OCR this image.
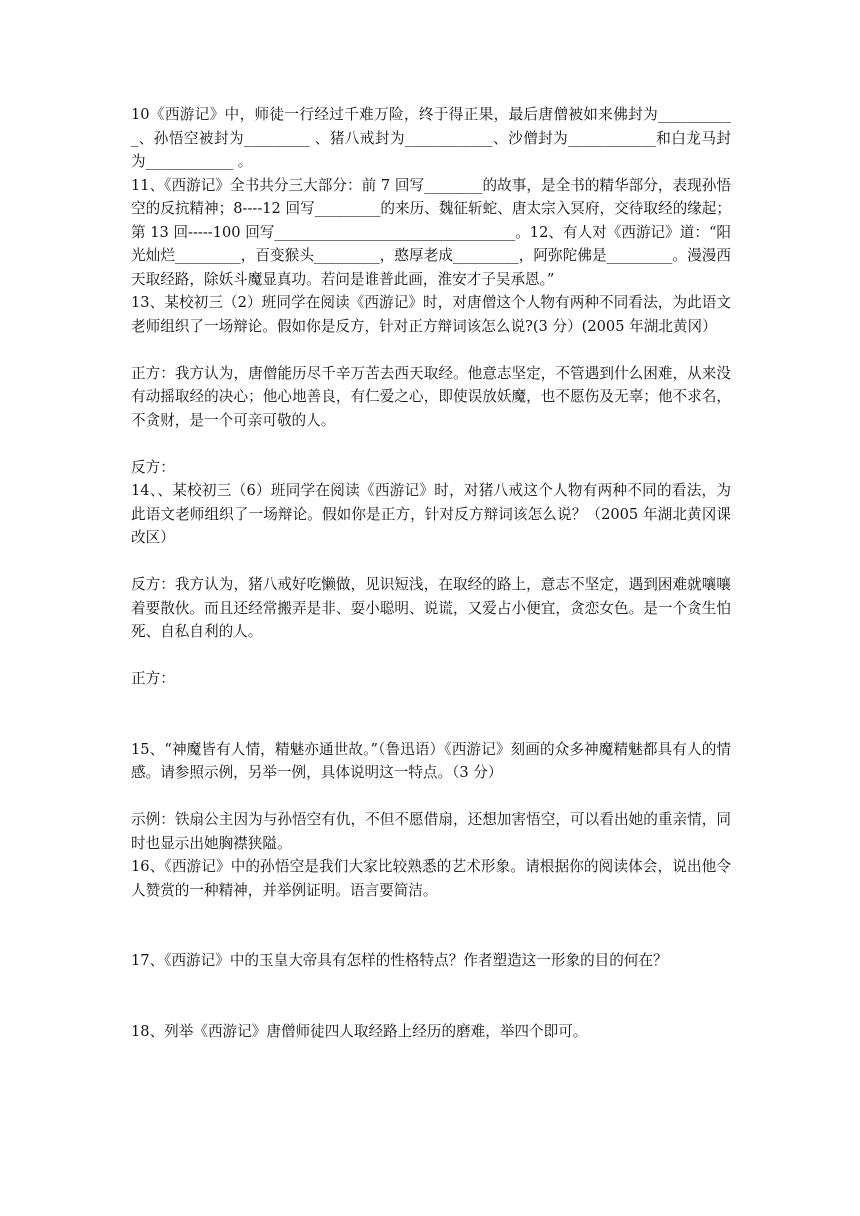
10《西游记》中，师徒一行经过千难万险，终于得正果，最后唐僧被如来佛封为___________、孙悟空被封为_________ 、猪八戒封为____________、沙僧封为____________和白龙马封为____________ 。

11、《西游记》全书共分三大部分：前 7 回写________的故事，是全书的精华部分，表现孙悟空的反抗精神；8----12 回写_________的来历、魏征斩蛇、唐太宗入冥府，交待取经的缘起；第 13 回-----100 回写_________________________________。12、有人对《西游记》道：“阳光灿烂_________，百变猴头_________，憨厚老成_________，阿弥陀佛是_________。漫漫西天取经路，除妖斗魔显真功。若问是谁普此画，淮安才子吴承恩。”

13、某校初三（2）班同学在阅读《西游记》时，对唐僧这个人物有两种不同看法，为此语文老师组织了一场辩论。假如你是反方，针对正方辩词该怎么说?(3 分）(2005 年湖北黄冈）

正方：我方认为，唐僧能历尽千辛万苦去西天取经。他意志坚定，不管遇到什么困难，从来没有动摇取经的决心；他心地善良，有仁爱之心，即使误放妖魔，也不愿伤及无辜；他不求名，不贪财，是一个可亲可敬的人。

反方：

14、、某校初三（6）班同学在阅读《西游记》时，对猪八戒这个人物有两种不同的看法，为此语文老师组织了一场辩论。假如你是正方，针对反方辩词该怎么说？（2005 年湖北黄冈课改区）

反方：我方认为，猪八戒好吃懒做，见识短浅，在取经的路上，意志不坚定，遇到困难就嚷嚷着要散伙。而且还经常搬弄是非、耍小聪明、说谎，又爱占小便宜，贪恋女色。是一个贪生怕死、自私自利的人。

正方：

15、“神魔皆有人情，精魅亦通世故。”（鲁迅语）《西游记》刻画的众多神魔精魅都具有人的情感。请参照示例，另举一例，具体说明这一特点。（3 分）

示例：铁扇公主因为与孙悟空有仇，不但不愿借扇，还想加害悟空，可以看出她的重亲情，同时也显示出她胸襟狭隘。

16、《西游记》中的孙悟空是我们大家比较熟悉的艺术形象。请根据你的阅读体会，说出他令人赞赏的一种精神，并举例证明。语言要简洁。

17、《西游记》中的玉皇大帝具有怎样的性格特点？作者塑造这一形象的目的何在？

18、列举《西游记》唐僧师徒四人取经路上经历的磨难，举四个即可。
